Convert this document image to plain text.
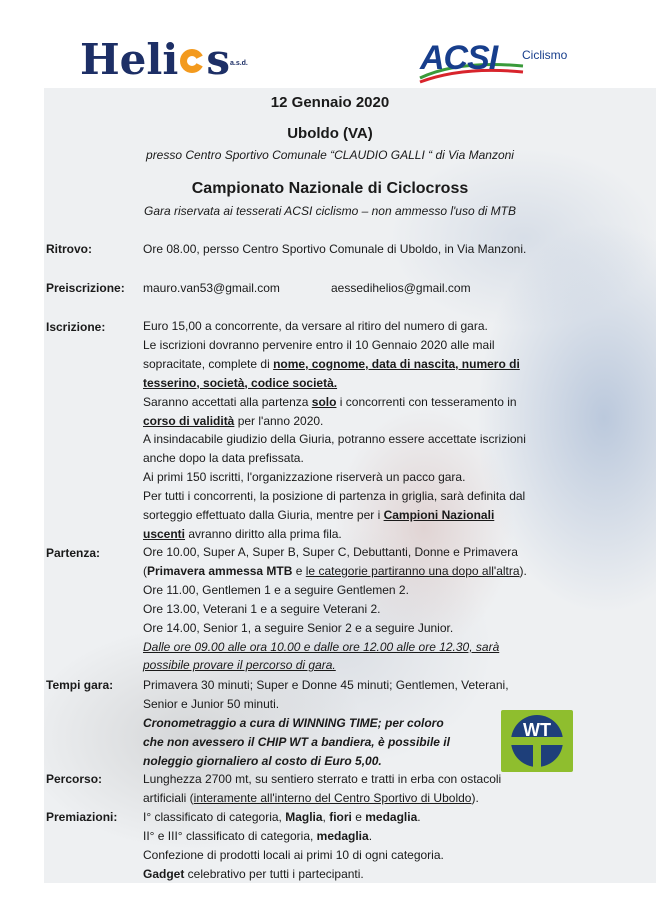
Heli $s^{a.s.d.}$	ACSI Ciclismo
12 Gennaio 2020
Uboldo (VA)
presso Centro Sportivo Comunale “CLAUDIO GALLI “ di Via Manzoni
Campionato Nazionale di Ciclocross
Gara riservata ai tesserati ACSI ciclismo – non ammesso l'uso di MTB
Ritrovo:	Ore 08.00, persso Centro Sportivo Comunale di Uboldo, in Via Manzoni.
Preiscrizione: mauro.van53@gmail.com	aessedihelios@gmail.com
Iscrizione:	Euro 15,00 a concorrente, da versare al ritiro del numero di gara.
Le iscrizioni dovranno pervenire entro il 10 Gennaio 2020 alle mail
sopracitate, complete di nome, cognome, data di nascita, numero di
tesserino, società, codice società.
Saranno accettati alla partenza solo i concorrenti con tesseramento in
corso di validità per l'anno 2020.
A insindacabile giudizio della Giuria, potranno essere accettate iscrizioni
anche dopo la data prefissata.
Ai primi 150 iscritti, l'organizzazione riserverà un pacco gara.
Per tutti i concorrenti, la posizione di partenza in griglia, sarà definita dal
sorteggio effettuato dalla Giuria, mentre per i Campioni Nazionali
uscenti avranno diritto alla prima fila.
Partenza:	Ore 10.00, Super A, Super B, Super C, Debuttanti, Donne e Primavera
(Primavera ammessa MTB e le categorie partiranno una dopo all'altra).
Ore 11.00, Gentlemen 1 e a seguire Gentlemen 2.
Ore 13.00, Veterani 1 e a seguire Veterani 2.
Ore 14.00, Senior 1, a seguire Senior 2 e a seguire Junior.
Dalle ore 09.00 alle ora 10.00 e dalle ore 12.00 alle ore 12.30, sarà
possibile provare il percorso di gara.
Tempi gara: Primavera 30 minuti; Super e Donne 45 minuti; Gentlemen, Veterani,
Senior e Junior 50 minuti.
Cronometraggio a cura di WINNING TIME; per coloro
che non avessero il CHIP WT a bandiera, è possibile il
noleggio giornaliero al costo di Euro 5,00.
WT
Percorso:	Lunghezza 2700 mt, su sentiero sterrato e tratti in erba con ostacoli
artificiali (interamente all'interno del Centro Sportivo di Uboldo).
Premiazioni: I° classificato di categoria, Maglia, fiori e medaglia.
II° e III° classificato di categoria, medaglia.
Confezione di prodotti locali ai primi 10 di ogni categoria.
Gadget celebrativo per tutti i partecipanti.
